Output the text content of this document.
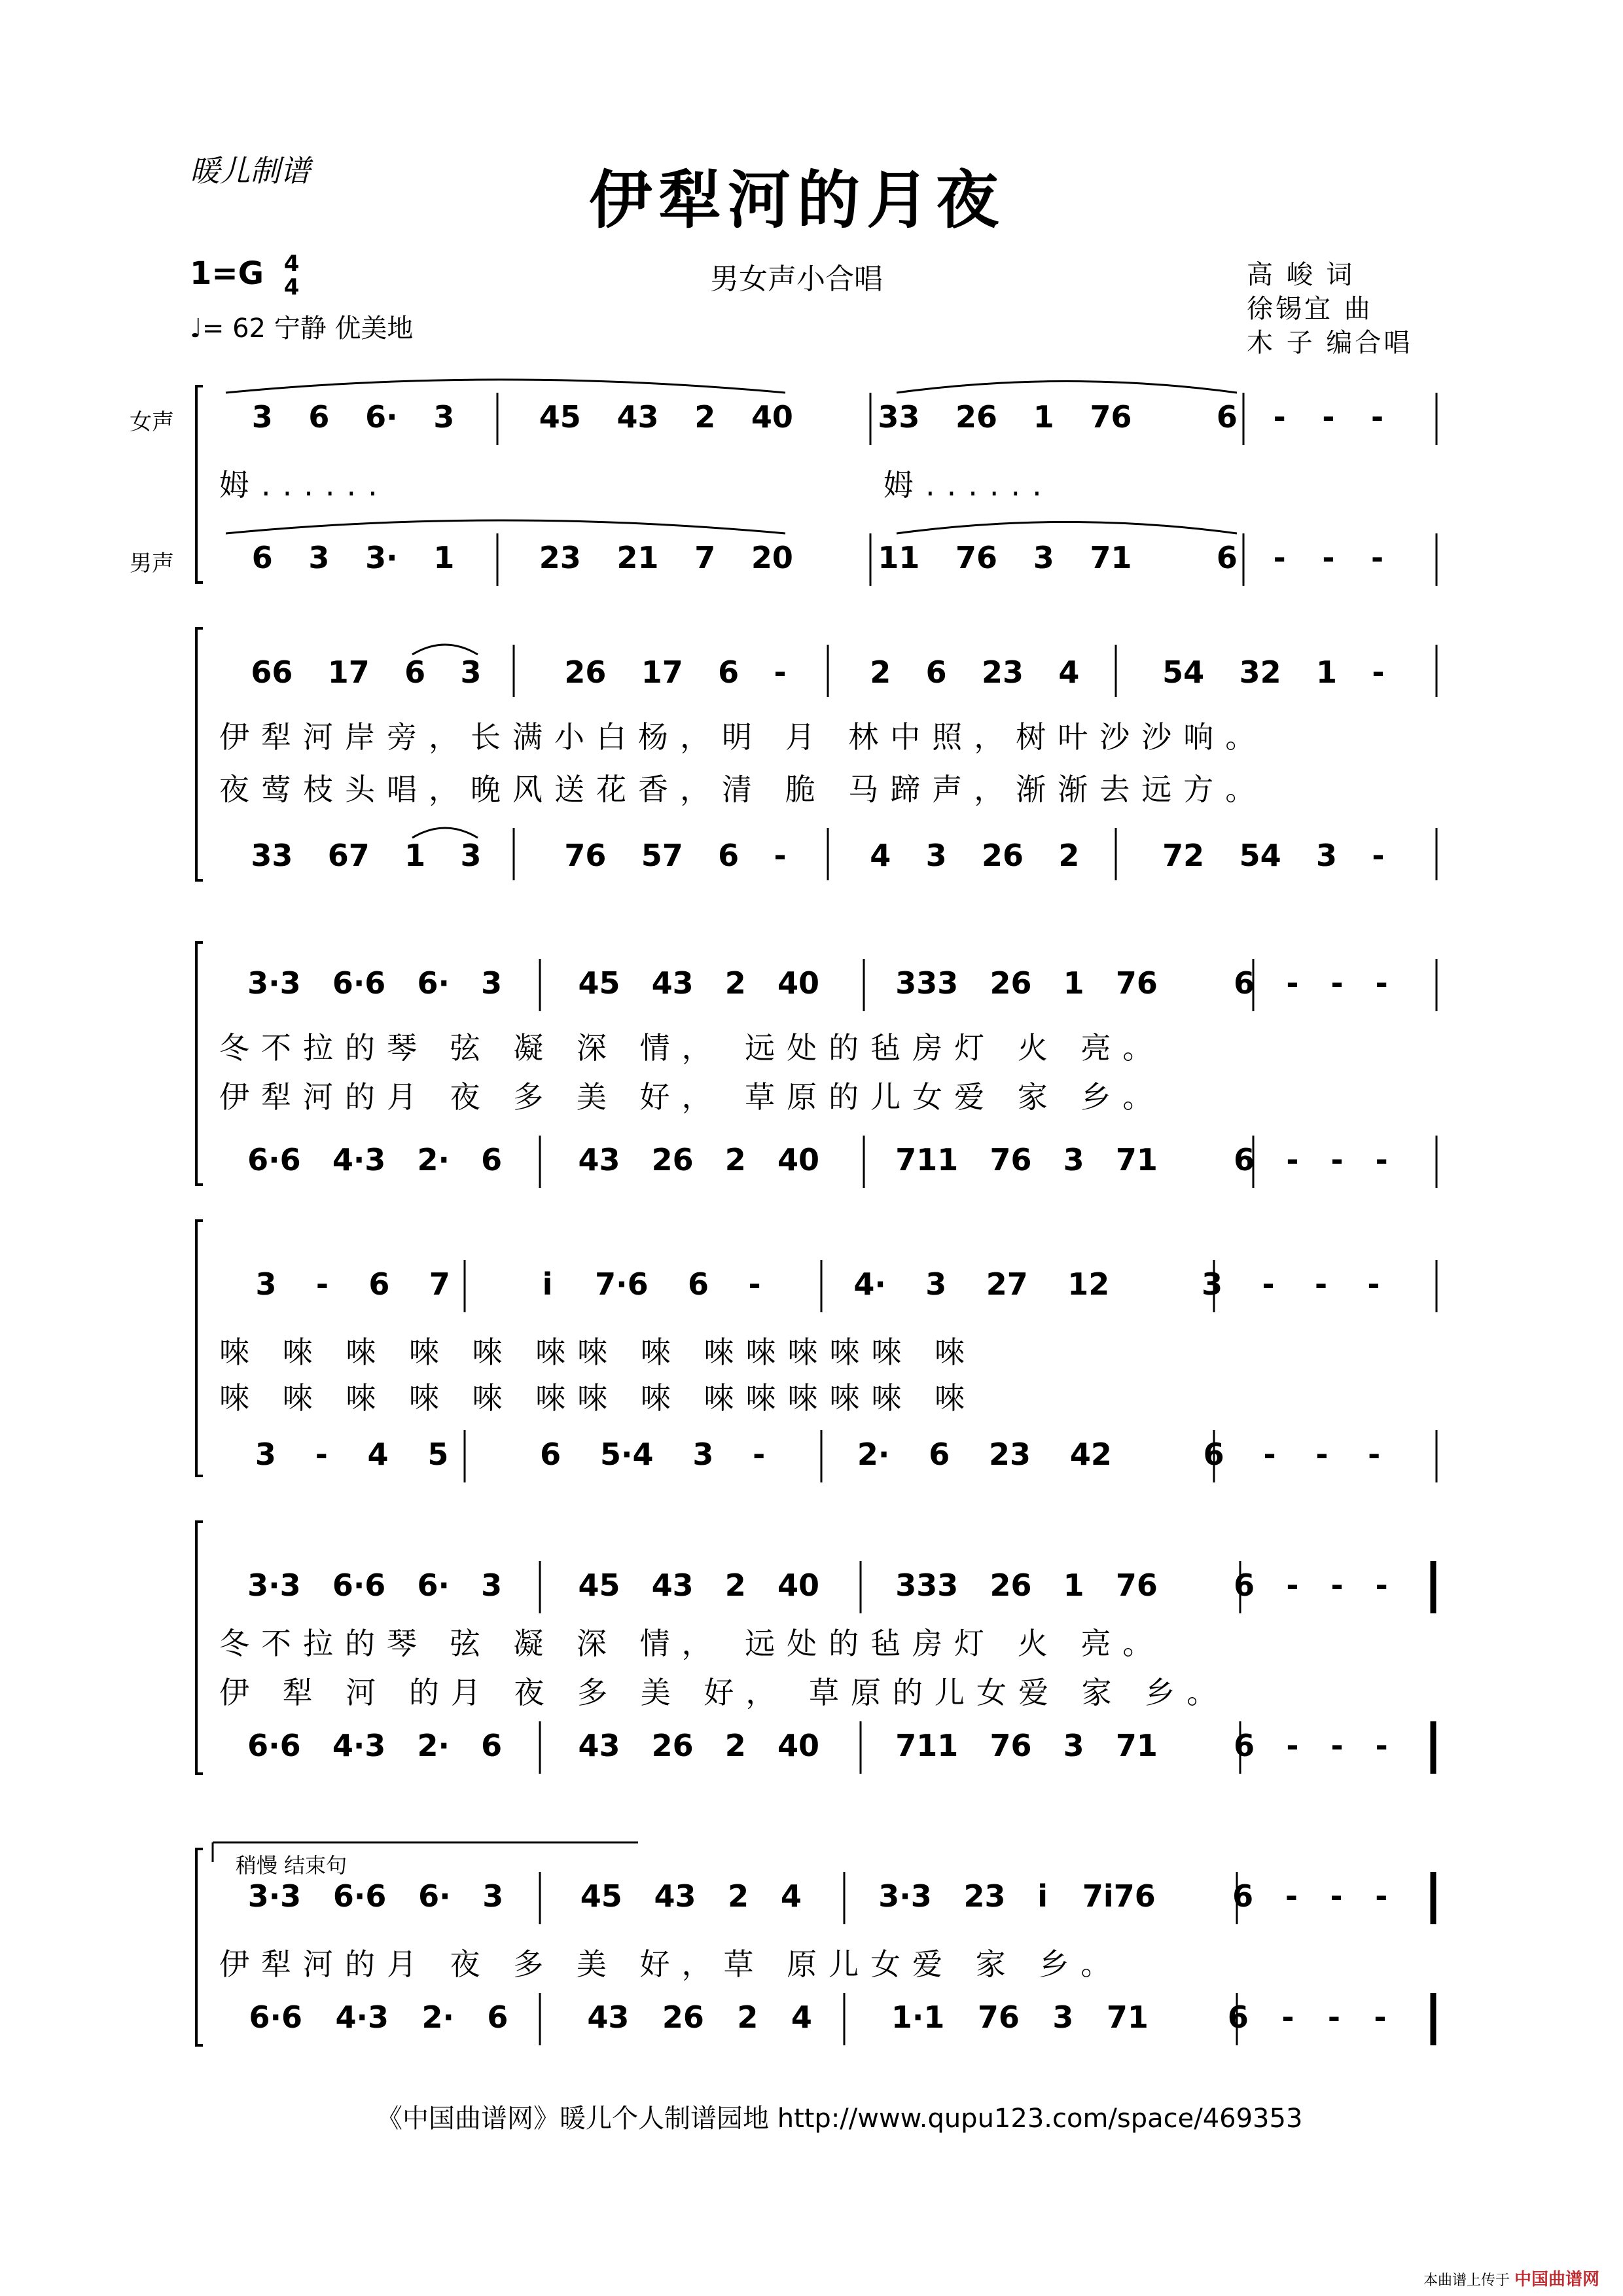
暖儿制谱	伊犁河的月夜
1=G 4
4
♩= 62 宁静 优美地
男女声小合唱	高 峻 词
徐锡宜 曲
木 子 编合唱
女声
男声
3 6 6· 3	45 43 2 40	33 26 1 76	6 - - -
姆......	姆......
6 3 3· 1	23 21 7 20	11 76 3 71	6 - - -
66 17 6 3	26 17 6 -	2 6 23 4	54 32 1 -
伊犁河岸旁，长满小白杨，明 月 林中照，树叶沙沙响。
夜莺枝头唱，晚风送花香，清 脆 马蹄声，渐渐去远方。
33 67 1 3	76 57 6 -	4 3 26 2	72 54 3 -
3·3 6·6 6· 3	45 43 2 40	333 26 1 76	6 - - -
冬不拉的琴 弦 凝 深 情， 远处的毡房灯 火 亮。
伊犁河的月 夜 多 美 好， 草原的儿女爱 家 乡。
6·6 4·3 2· 6	43 26 2 40	711 76 3 71	6 - - -
3 - 6 7	i 7·6 6 -	4· 3 27 12	3 - - -
唻 唻 唻 唻 唻 唻唻 唻 唻唻唻唻唻 唻
唻 唻 唻 唻 唻 唻唻 唻 唻唻唻唻唻 唻
3 - 4 5	6 5·4 3 -	2· 6 23 42	6 - - -
3·3 6·6 6· 3	45 43 2 40	333 26 1 76	6 - - -
冬不拉的琴 弦 凝 深 情， 远处的毡房灯 火 亮。
伊 犁 河 的月 夜 多 美 好， 草原的儿女爱 家 乡。
6·6 4·3 2· 6	43 26 2 40	711 76 3 71	6 - - -
稍慢 结束句
3·3 6·6 6· 3	45 43 2 4	3·3 23 i 7i76	6 - - -
伊犁河的月 夜 多 美 好，草 原儿女爱 家 乡。
6·6 4·3 2· 6	43 26 2 4	1·1 76 3 71	6 - - -
《中国曲谱网》暖儿个人制谱园地 http://www.qupu123.com/space/469353
本曲谱上传于 中国曲谱网
